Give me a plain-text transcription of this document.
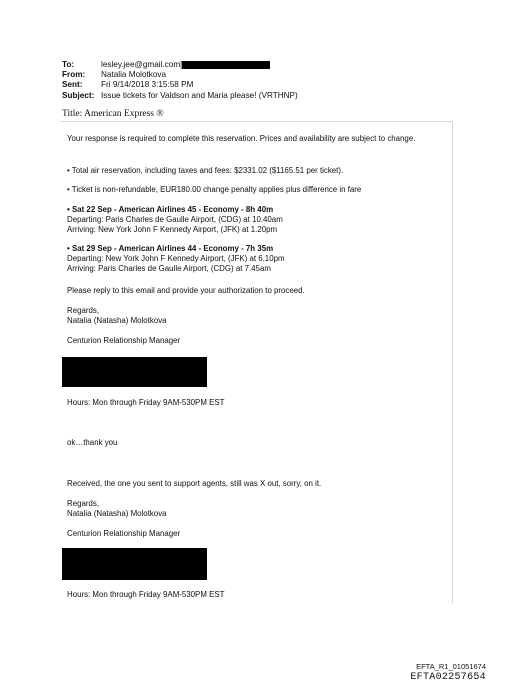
To:	lesley.jee@gmail.com[
From:	Natalia Molotkova
Sent:	Fri 9/14/2018 3:15:58 PM
Subject: Issue tickets for Valdson and Maria please! (VRTHNP)
Title: American Express ®
Your response is required to complete this reservation. Prices and availability are subject to change.
• Total air reservation, including taxes and fees: $2331.02 ($1165.51 per ticket).
• Ticket is non-refundable, EUR180.00 change penalty applies plus difference in fare
• Sat 22 Sep - American Airlines 45 - Economy - 8h 40m
Departing: Paris Charles de Gaulle Airport, (CDG) at 10.40am
Arriving: New York John F Kennedy Airport, (JFK) at 1.20pm
• Sat 29 Sep - American Airlines 44 - Economy - 7h 35m
Departing: New York John F Kennedy Airport, (JFK) at 6.10pm
Arriving: Paris Charles de Gaulle Airport, (CDG) at 7.45am
Please reply to this email and provide your authorization to proceed.
Regards,
Natalia (Natasha) Molotkova
Centurion Relationship Manager
Hours: Mon through Friday 9AM-530PM EST
ok…thank you
Received, the one you sent to support agents, still was X out, sorry, on it.
Regards,
Natalia (Natasha) Molotkova
Centurion Relationship Manager
Hours: Mon through Friday 9AM-530PM EST
EFTA_R1_01051674
EFTA02257654
